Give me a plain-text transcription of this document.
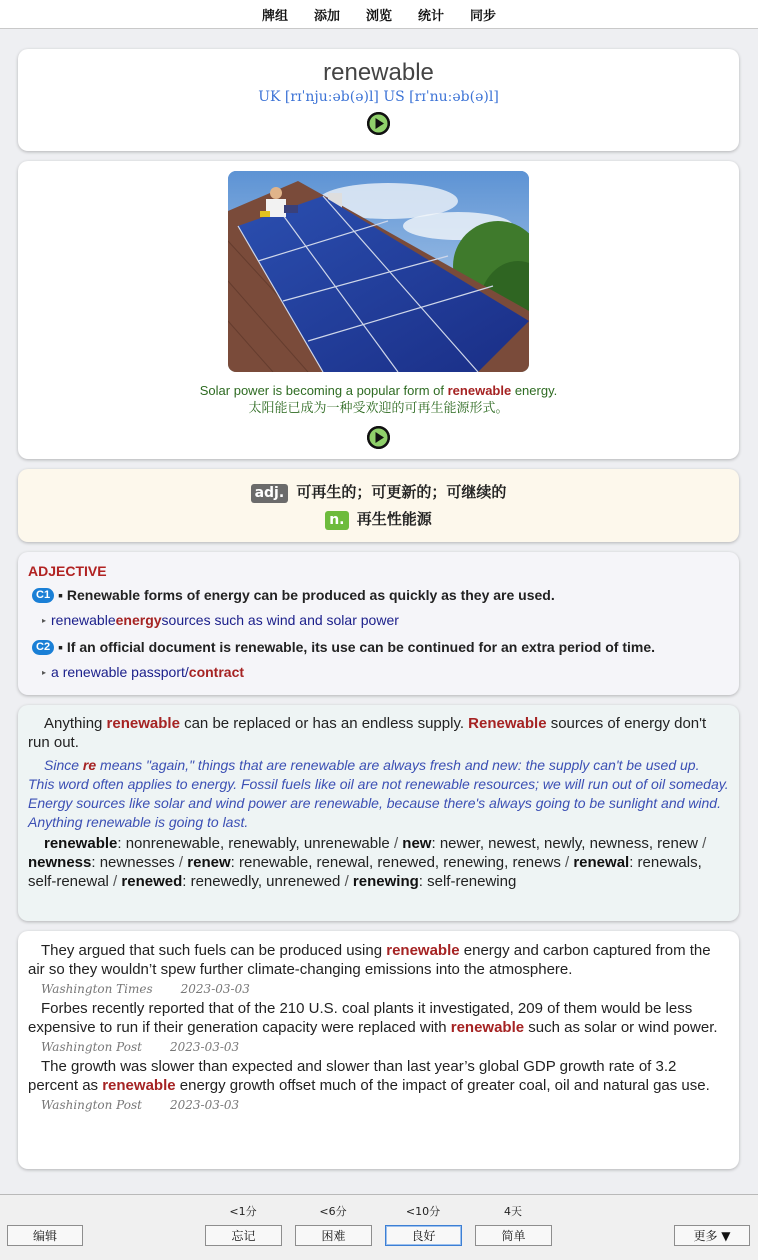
牌组	添加	浏览	统计	同步
renewable
UK [rɪˈnjuːəb(ə)l] US [rɪˈnuːəb(ə)l]
Solar power is becoming a popular form of renewable energy.
太阳能已成为一种受欢迎的可再生能源形式。
adj. 可再生的；可更新的；可继续的
n. 再生性能源
ADJECTIVE
C1 ▪ Renewable forms of energy can be produced as quickly as they are used.
▸ renewable energy sources such as wind and solar power
C2 ▪ If an official document is renewable, its use can be continued for an extra period of time.
▸ a renewable passport/ contract
Anything renewable can be replaced or has an endless supply. Renewable sources of energy don't run out.
Since re means "again," things that are renewable are always fresh and new: the supply can't be used up. This word often applies to energy. Fossil fuels like oil are not renewable resources; we will run out of oil someday. Energy sources like solar and wind power are renewable, because there's always going to be sunlight and wind. Anything renewable is going to last.
renewable: nonrenewable, renewably, unrenewable / new: newer, newest, newly, newness, renew / newness: newnesses / renew: renewable, renewal, renewed, renewing, renews / renewal: renewals, self-renewal / renewed: renewedly, unrenewed / renewing: self-renewing
They argued that such fuels can be produced using renewable energy and carbon captured from the air so they wouldn’t spew further climate-changing emissions into the atmosphere.
Washington Times 2023-03-03
Forbes recently reported that of the 210 U.S. coal plants it investigated, 209 of them would be less expensive to run if their generation capacity were replaced with renewable such as solar or wind power.
Washington Post 2023-03-03
The growth was slower than expected and slower than last year’s global GDP growth rate of 3.2 percent as renewable energy growth offset much of the impact of greater coal, oil and natural gas use.
Washington Post 2023-03-03
编辑
<1分
忘记
<6分
困难
<10分
良好
4天
简单	更多 ▼
